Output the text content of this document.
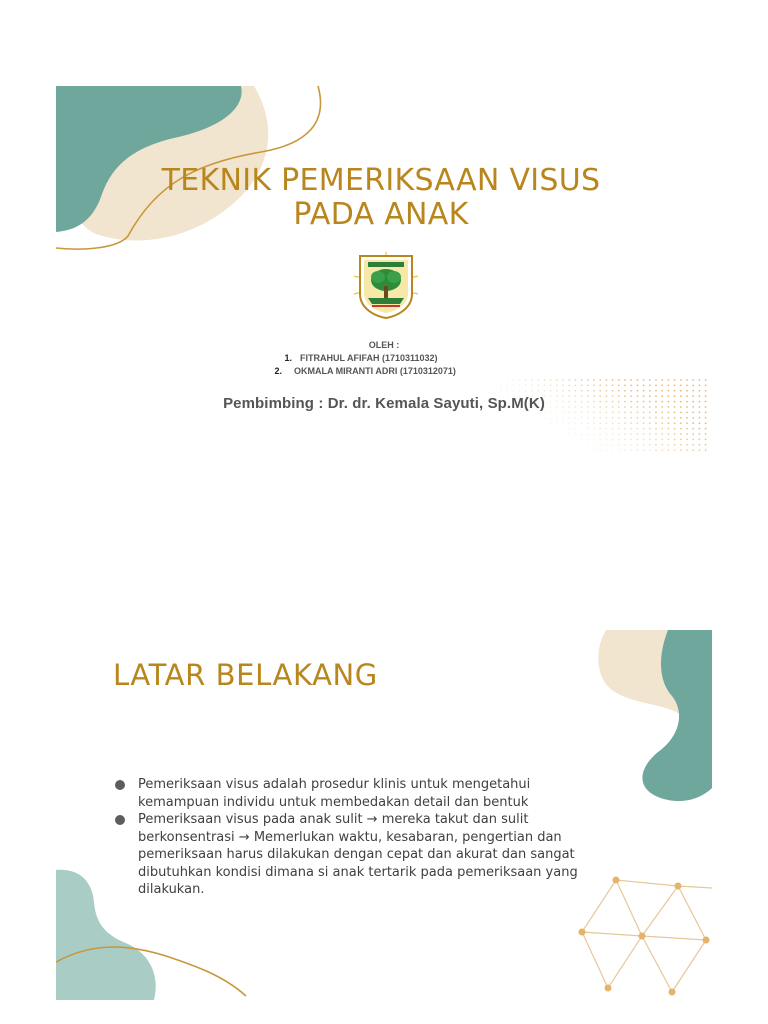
TEKNIK PEMERIKSAAN VISUS
PADA ANAK

OLEH :

1. FITRAHUL AFIFAH (1710311032)
2. OKMALA MIRANTI ADRI (1710312071)

Pembimbing : Dr. dr. Kemala Sayuti, Sp.M(K)

LATAR BELAKANG
Pemeriksaan visus adalah prosedur klinis untuk mengetahui kemampuan individu untuk membedakan detail dan bentuk
Pemeriksaan visus pada anak sulit → mereka takut dan sulit berkonsentrasi → Memerlukan waktu, kesabaran, pengertian dan pemeriksaan harus dilakukan dengan cepat dan akurat dan sangat dibutuhkan kondisi dimana si anak tertarik pada pemeriksaan yang dilakukan.
